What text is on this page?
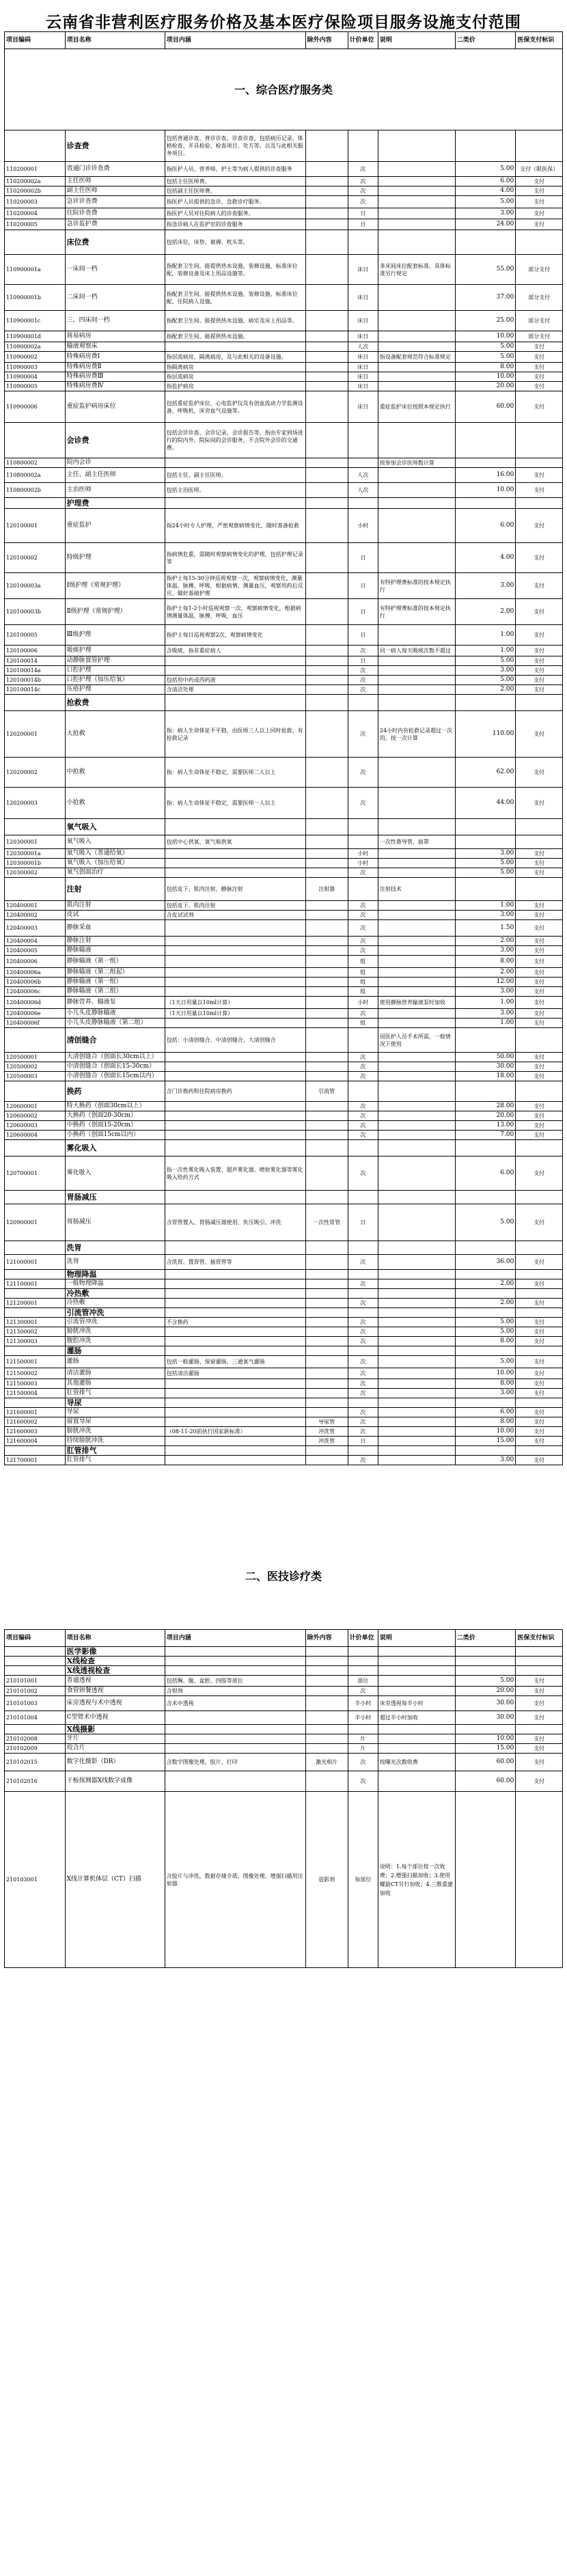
云南省非营利医疗服务价格及基本医疗保险项目服务设施支付范围
项目编码	项目名称	项目内涵	除外内容	计价单位	说明	二类价	医保支付标识
一、综合医疗服务类							
	诊查费	包括普通诊查、普诊诊查、诊查诊查，包括病历记录、体格检查、开具检验、检查项目、处方等。以及与此相关服务项目。					
110200001	普通门诊诊查费	指医护人员、营养师、护士等为病人提供的诊查服务		次		5.00	支付（限医保）
110200002a	主任医师	包括主任医师费。		次		6.00	支付
110200002b	副主任医师	包括副主任医师费。		次		4.00	支付
110200003	急诊诊查费	指医护人员提供的急诊，急救诊疗服务。		次		5.00	支付
110200004	住院诊查费	指医护人员对住院病人的诊查服务。		日		3.00	支付
110200005	急诊监护费	指急诊病人在监护室的诊查服务		日		24.00	支付
	床位费	包括床位，床垫、被褥、枕头等。					
110900001a	一床间一档	指配套卫生间，能提供热水设施，装修设施、标准床位配，装修设备及床上用品设施等。		床日	多床间床位配套标准，具体标准另行规定	55.00	部分支付
110900001b	二床间一档	指配套卫生间，能提供热水设施，装修设施、标准床位配、住院病人设施。		床日		37.00	部分支付
110900001c	三、四床间一档	指配套卫生间、能提供热水设施、病室及床上用品等。		床日		25.00	部分支付
110900001d	简易病房	指配套卫生间、能提供热水设施。		床日		10.00	部分支付
110900002a	输液观察床			人次		5.00	支付
110900002	特殊病房费Ⅰ	指层流病房，隔离病房，及与此相关的设备设施。		床日	指设备配套规范符合标准规定	5.00	支付
110900003	特殊病房费Ⅱ	指隔离病房		床日		8.00	支付
110900004	特殊病房费Ⅲ	指层流病房		床日		10.00	支付
110900005	特殊病房费Ⅳ	指监护病房		床日		20.00	支付
110900006	重症监护病房床位	包括重症监护床位，心电监护仪及有创血流动力学监测设备，呼吸机，床旁血气设施等。		床日	重症监护床位按照本规定执行	60.00	支付
	会诊费	包括会诊诊查、会诊记录、会诊报告等，指由专家到场进行的院内外、院际间的会诊服务，不含院外会诊的交通费。					
110800002	院内会诊				按参加会诊医师数计算		
110800002a	主任、副主任医师	包括主任、副主任医师。		人次		16.00	支付
110800002b	主治医师	包括主治医师。		人次		10.00	支付
	护理费						
120100001	重症监护	指24小时专人护理，严密观察病情变化，随时准备抢救		小时		6.00	支付
120100002	特级护理	指病情危重，需随时观察病情变化的护理，包括护理记录等		日		4.00	支付
120100003a	Ⅰ级护理（常规护理）	指护士每15-30分钟巡视观察一次，观察病情变化，测量体温、脉搏、呼吸，根据病情，测量血压，观察用药后反应，做好基础护理		日	有特护理费标准的按本规定执行	3.00	支付
120100003b	Ⅱ级护理（常规护理）	指护士每1-2小时巡视观察一次，观察病情变化，根据病情测量体温，脉搏，呼吸，血压		日	有特护理费标准的按本规定执行	2.00	支付
120100005	Ⅲ级护理	指护士每日巡视观察2次，观察病情变化		日		1.00	支付
120100006	吸痰护理	含吸痰，指非重症病人		次	同一病人每天吸痰次数不超过	1.00	支付
120100014	动静脉置管护理			日		5.00	支付
120100014a	口腔护理			次		3.00	支付
120100014b	口腔护理（加压给氧）	包括用中药或西药液		次		5.00	支付
120100014c	压疮护理	含清洁处理		次		2.00	支付
	抢救费						
120200001	大抢救	指：病人生命体征不平稳，由医师三人以上同时抢救，有抢救记录		次	24小时内有抢救记录超过一次的，按一次计算	110.00	支付
120200002	中抢救	指：病人生命体征不稳定，需要医师二人以上		次		62.00	支付
120200003	小抢救	指：病人生命体征不稳定，需要医师一人以上		次		44.00	支付
	氧气吸入						
120300001	氧气吸入	包括中心供氧、氧气瓶供氧			一次性鼻导管，面罩		
120300001a	氧气吸入（普通给氧）			小时		3.00	支付
120300001b	氧气吸入（加压给氧）			小时		5.00	支付
120300002	氧气创面治疗			次		5.00	支付
	注射	包括皮下、肌肉注射、静脉注射	注射器		注射技术		
120400001	肌肉注射	包括皮下、肌肉注射		次		1.00	支付
120400002	皮试	含皮试试剂		次		3.00	支付
120400003	静脉采血			次		1.50	支付
120400004	静脉注射			次		2.00	支付
120400005	静脉输液			次		3.00	支付
120400006	静脉输液（第一组）			组		8.00	支付
120400006a	静脉输液（第二组起）			组		2.00	支付
120400006b	静脉输液（第一组）			组		12.00	支付
120400006c	静脉输液（第二组）			组		3.00	支付
120400006d	静脉营养、输液泵	（1天日用量以10ml计算）		小时	使用静脉营养输液泵时加收	1.00	支付
120400006e	小儿头皮静脉输液	（1天日用量以10ml计算）		次		3.00	支付
120400006f	小儿头皮静脉输液（第二组）			组		1.00	支付
	清创缝合	包括：小清创缝合、中清创缝合、大清创缝合			因医护人员手术所需，一般情况下使用		
120500001	大清创缝合（创面长30cm以上）			次		50.00	支付
120500002	中清创缝合（创面长15-30cm）			次		30.00	支付
120500003	小清创缝合（创面长15cm以内）			次		18.00	支付
	换药	含门诊换药和住院病房换药	引流管				
120600001	特大换药（创面30cm以上）			次		28.00	支付
120600002	大换药（创面20-30cm）			次		20.00	支付
120600003	中换药（创面15-20cm）			次		13.00	支付
120600004	小换药（创面15cm以内）			次		7.00	支付
	雾化吸入						
120700001	雾化吸入	指一次性雾化吸入装置、超声雾化器、喷射雾化器等雾化吸入给药方式		次		6.00	支付
	胃肠减压						
120900001	胃肠减压	含胃管置入、胃肠减压器使用、负压吸引、冲洗	一次性胃管	日		5.00	支付
	洗胃						
121000001	洗胃	含洗胃、置胃管、插胃管等		次		36.00	支付
	物理降温						
121100001	一般物理降温			次		2.00	支付
	冷热敷						
121200001	冷热敷			次		2.00	支付
	引流管冲洗						
121300001	引流管冲洗	不含换药		次		5.00	支付
121300002	膀胱冲洗			次		5.00	支付
121300003	腹腔冲洗			次		8.00	支付
	灌肠						
121500001	灌肠	包括一般灌肠、保留灌肠、三通氧气灌肠		次		5.00	支付
121500002	清洁灌肠	包括清洁灌肠		次		10.00	支付
121500003	其他灌肠			次		8.00	支付
121500004	肛管排气			次		3.00	支付
	导尿						
121600001	导尿			次		6.00	支付
121600002	留置导尿		导尿管	次		8.00	支付
121600003	膀胱冲洗	（08-11-20前执行国家新标准）	冲洗管	次		10.00	支付
121600004	持续膀胱冲洗		冲洗管	日		15.00	支付
	肛管排气						
121700001	肛管排气			次		3.00	支付
二、医技诊疗类
项目编码	项目名称	项目内涵	除外内容	计价单位	说明	二类价	医保支付标识
	医学影像						
	X线检查						
	X线透视检查						
210101001	普通透视	包括胸、腹、盆腔、四肢等部位		部位		5.00	支付
210101002	食管钡餐透视	含钡剂		次		20.00	支付
210101003	床旁透视与术中透视	含术中透视		半小时	床旁透视每半小时	30.00	支付
210101004	C型臂术中透视			半小时	超过半小时加收	30.00	支付
	X线摄影						
210102008	牙片			片		10.00	支付
210102009	咬合片			片		15.00	支付
210102015	数字化摄影（DR）	含数字图像处理，胶片、打印	激光相片	次	按曝光次数收费	60.00	支付
210102016	干板探测器X线数字成像			次		60.00	支付
210103001	X线计算机体层（CT）扫描	含胶片与冲洗，数据存储介质，图像处理、增强扫描用注射器	造影剂	每部位	说明：1.每个部位按一次收费；2.增强扫描加收；3.使用螺旋CT另行加收；4.三维重建加收		
